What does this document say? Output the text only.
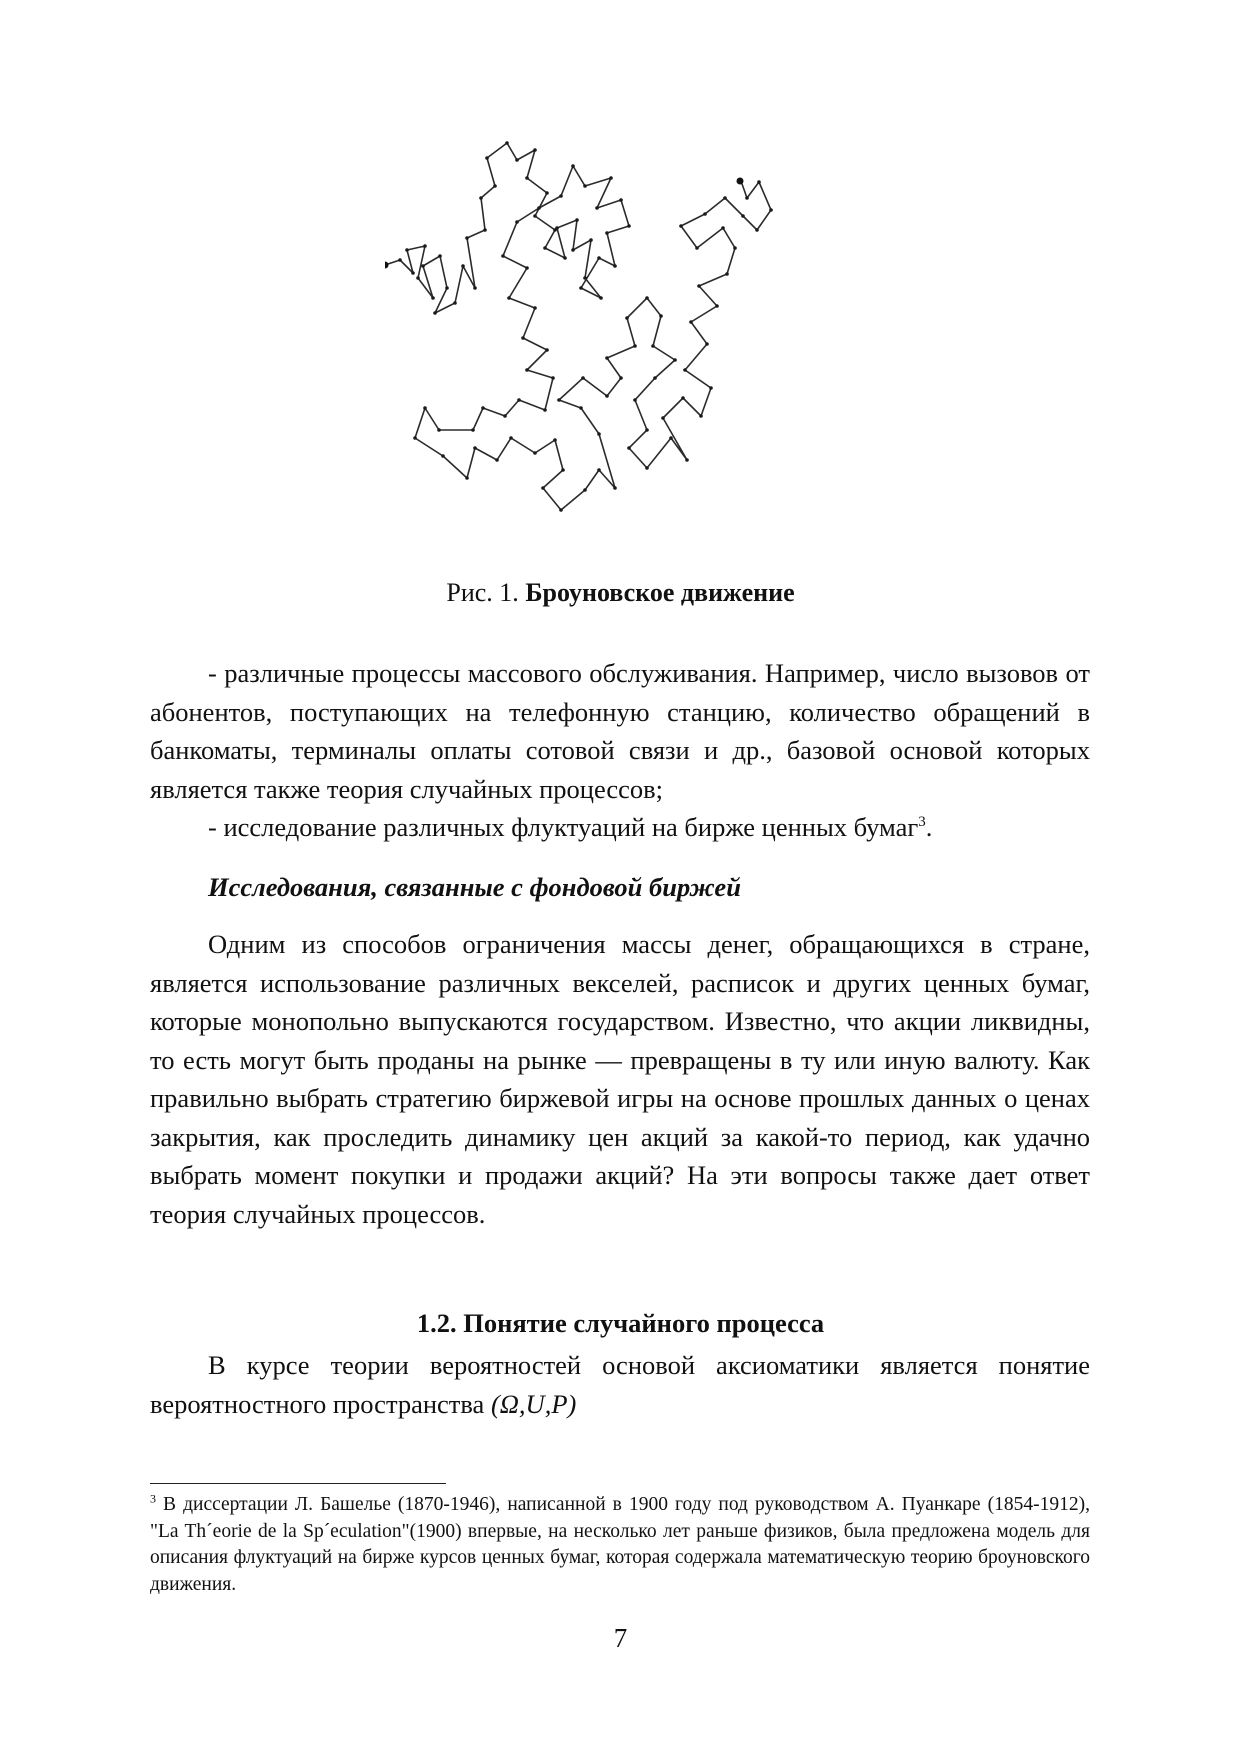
Рис. 1. Броуновское движение
- различные процессы массового обслуживания. Например, число вызовов от абонентов, поступающих на телефонную станцию, количество обращений в банкоматы, терминалы оплаты сотовой связи и др., базовой основой которых является также теория случайных процессов;
- исследование различных флуктуаций на бирже ценных бумаг$^3$.
Исследования, связанные с фондовой биржей
Одним из способов ограничения массы денег, обращающихся в стране, является использование различных векселей, расписок и других ценных бумаг, которые монопольно выпускаются государством. Известно, что акции ликвидны, то есть могут быть проданы на рынке — превращены в ту или иную валюту. Как правильно выбрать стратегию биржевой игры на основе прошлых данных о ценах закрытия, как проследить динамику цен акций за какой-то период, как удачно выбрать момент покупки и продажи акций? На эти вопросы также дает ответ теория случайных процессов.
1.2. Понятие случайного процесса
В курсе теории вероятностей основой аксиоматики является понятие вероятностного пространства (Ω,U,P)
$^3$ В диссертации Л. Башелье (1870-1946), написанной в 1900 году под руководством А. Пуанкаре (1854-1912), "La Th´eorie de la Sp´eculation"(1900) впервые, на несколько лет раньше физиков, была предложена модель для описания флуктуаций на бирже курсов ценных бумаг, которая содержала математическую теорию броуновского движения.
7
